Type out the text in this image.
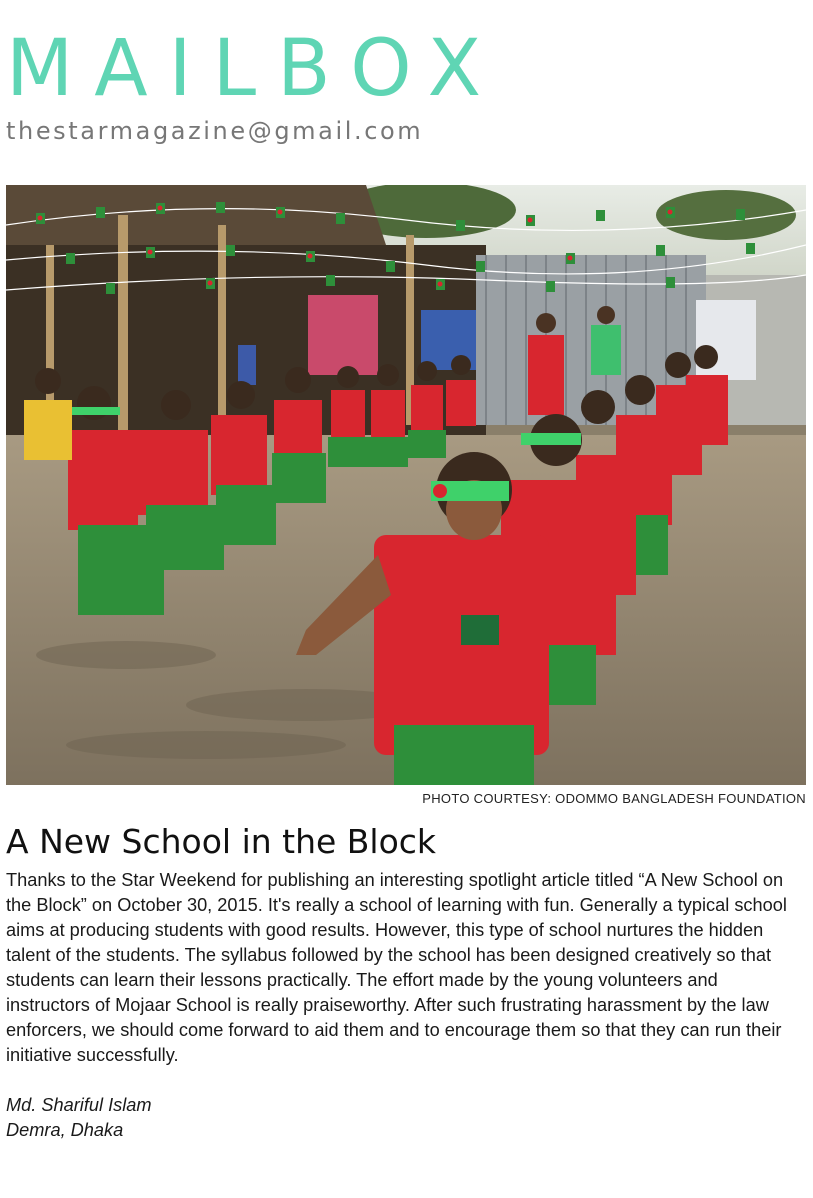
MAILBOX
thestarmagazine@gmail.com
PHOTO COURTESY: ODOMMO BANGLADESH FOUNDATION
A New School in the Block

Thanks to the Star Weekend for publishing an interesting spotlight article titled “A New School on the Block” on October 30, 2015. It's really a school of learning with fun. Generally a typical school aims at producing students with good results. However, this type of school nurtures the hidden talent of the students. The syllabus followed by the school has been designed creatively so that students can learn their lessons practically. The effort made by the young volunteers and instructors of Mojaar School is really praiseworthy. After such frustrating harassment by the law enforcers, we should come forward to aid them and to encourage them so that they can run their initiative successfully.

Md. Shariful Islam
Demra, Dhaka
